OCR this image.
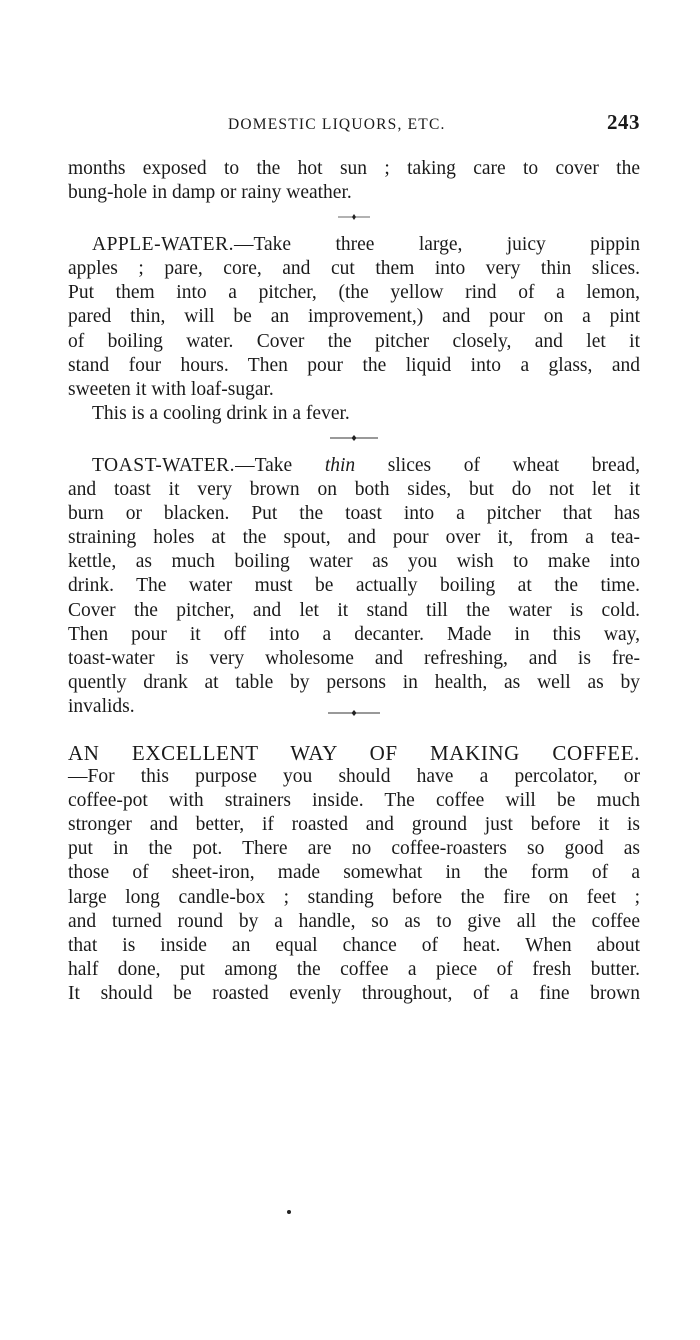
DOMESTIC LIQUORS, ETC.	243

months exposed to the hot sun ; taking care to cover the

bung-hole in damp or rainy weather.

APPLE-WATER.—Take three large, juicy pippin

apples ; pare, core, and cut them into very thin slices.

Put them into a pitcher, (the yellow rind of a lemon,

pared thin, will be an improvement,) and pour on a pint

of boiling water. Cover the pitcher closely, and let it

stand four hours. Then pour the liquid into a glass, and

sweeten it with loaf-sugar.

This is a cooling drink in a fever.

TOAST-WATER.—Take thin slices of wheat bread,

and toast it very brown on both sides, but do not let it

burn or blacken. Put the toast into a pitcher that has

straining holes at the spout, and pour over it, from a tea-

kettle, as much boiling water as you wish to make into

drink. The water must be actually boiling at the time.

Cover the pitcher, and let it stand till the water is cold.

Then pour it off into a decanter. Made in this way,

toast-water is very wholesome and refreshing, and is fre-

quently drank at table by persons in health, as well as by

invalids.

AN EXCELLENT WAY OF MAKING COFFEE.

—For this purpose you should have a percolator, or

coffee-pot with strainers inside. The coffee will be much

stronger and better, if roasted and ground just before it is

put in the pot. There are no coffee-roasters so good as

those of sheet-iron, made somewhat in the form of a

large long candle-box ; standing before the fire on feet ;

and turned round by a handle, so as to give all the coffee

that is inside an equal chance of heat. When about

half done, put among the coffee a piece of fresh butter.

It should be roasted evenly throughout, of a fine brown
